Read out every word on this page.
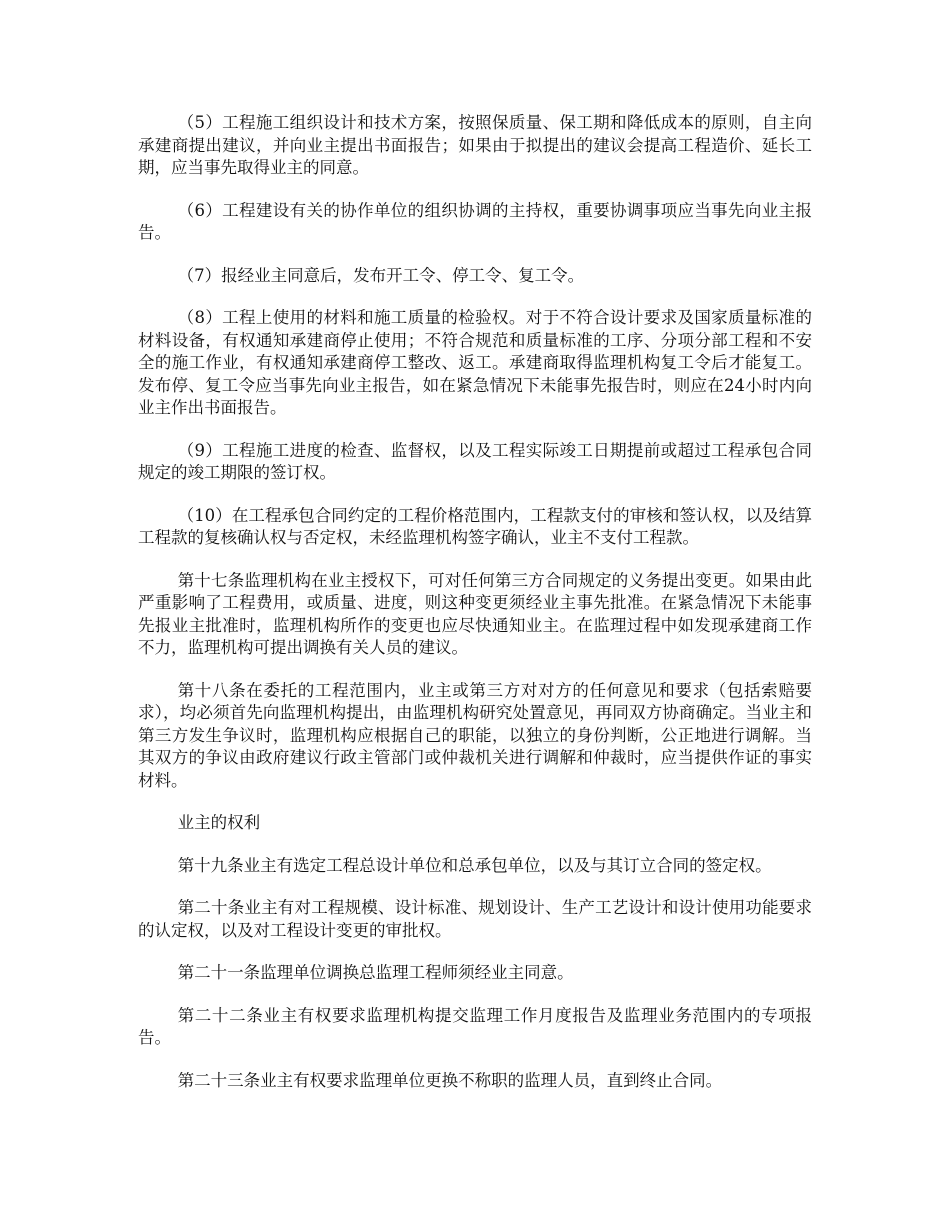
（5）工程施工组织设计和技术方案，按照保质量、保工期和降低成本的原则，自主向承建商提出建议，并向业主提出书面报告；如果由于拟提出的建议会提高工程造价、延长工期，应当事先取得业主的同意。

（6）工程建设有关的协作单位的组织协调的主持权，重要协调事项应当事先向业主报告。

（7）报经业主同意后，发布开工令、停工令、复工令。

（8）工程上使用的材料和施工质量的检验权。对于不符合设计要求及国家质量标准的材料设备，有权通知承建商停止使用；不符合规范和质量标准的工序、分项分部工程和不安全的施工作业，有权通知承建商停工整改、返工。承建商取得监理机构复工令后才能复工。发布停、复工令应当事先向业主报告，如在紧急情况下未能事先报告时，则应在24小时内向业主作出书面报告。

（9）工程施工进度的检查、监督权，以及工程实际竣工日期提前或超过工程承包合同规定的竣工期限的签订权。

（10）在工程承包合同约定的工程价格范围内，工程款支付的审核和签认权，以及结算工程款的复核确认权与否定权，未经监理机构签字确认，业主不支付工程款。

第十七条监理机构在业主授权下，可对任何第三方合同规定的义务提出变更。如果由此严重影响了工程费用，或质量、进度，则这种变更须经业主事先批准。在紧急情况下未能事先报业主批准时，监理机构所作的变更也应尽快通知业主。在监理过程中如发现承建商工作不力，监理机构可提出调换有关人员的建议。

第十八条在委托的工程范围内，业主或第三方对对方的任何意见和要求（包括索赔要求），均必须首先向监理机构提出，由监理机构研究处置意见，再同双方协商确定。当业主和第三方发生争议时，监理机构应根据自己的职能，以独立的身份判断，公正地进行调解。当其双方的争议由政府建议行政主管部门或仲裁机关进行调解和仲裁时，应当提供作证的事实材料。

业主的权利

第十九条业主有选定工程总设计单位和总承包单位，以及与其订立合同的签定权。

第二十条业主有对工程规模、设计标准、规划设计、生产工艺设计和设计使用功能要求的认定权，以及对工程设计变更的审批权。

第二十一条监理单位调换总监理工程师须经业主同意。

第二十二条业主有权要求监理机构提交监理工作月度报告及监理业务范围内的专项报告。

第二十三条业主有权要求监理单位更换不称职的监理人员，直到终止合同。
